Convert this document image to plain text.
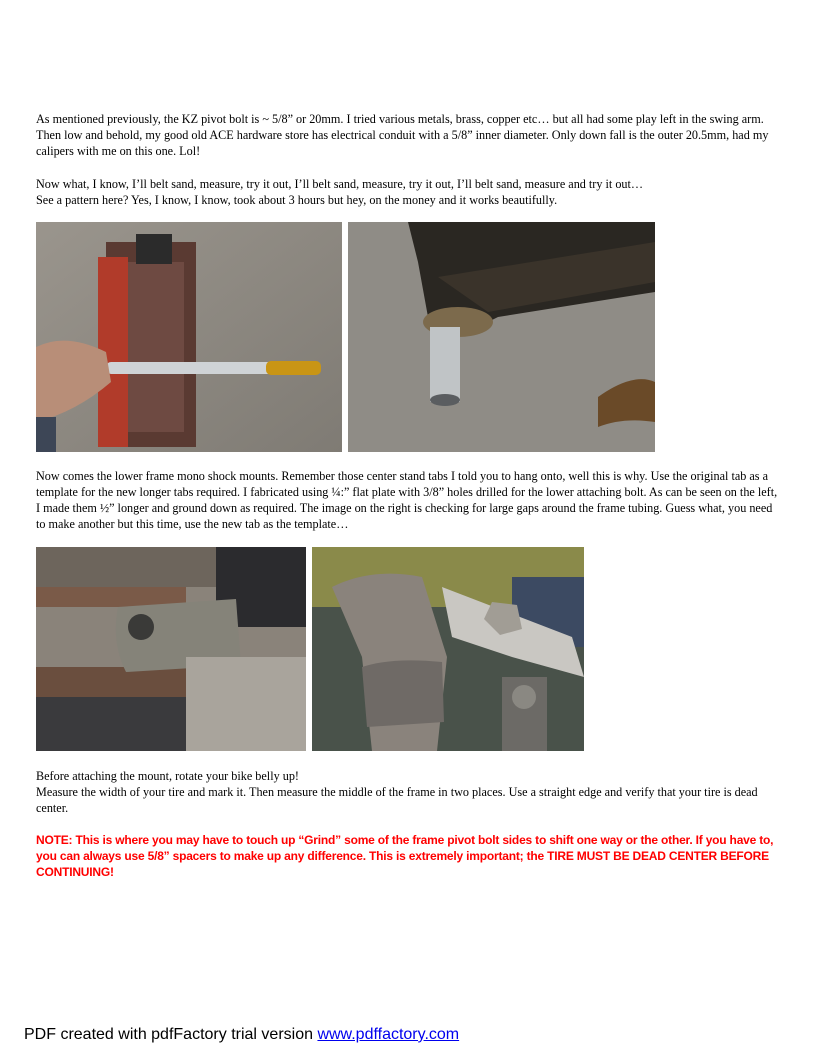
As mentioned previously, the KZ pivot bolt is ~ 5/8” or 20mm. I tried various metals, brass, copper etc… but all had some play left in the swing arm. Then low and behold, my good old ACE hardware store has electrical conduit with a 5/8” inner diameter. Only down fall is the outer 20.5mm, had my calipers with me on this one. Lol!

Now what, I know, I’ll belt sand, measure, try it out, I’ll belt sand, measure, try it out, I’ll belt sand, measure and try it out…
See a pattern here? Yes, I know, I know, took about 3 hours but hey, on the money and it works beautifully.

Now comes the lower frame mono shock mounts. Remember those center stand tabs I told you to hang onto, well this is why. Use the original tab as a template for the new longer tabs required. I fabricated using ¼:” flat plate with 3/8” holes drilled for the lower attaching bolt. As can be seen on the left, I made them ½” longer and ground down as required. The image on the right is checking for large gaps around the frame tubing. Guess what, you need to make another but this time, use the new tab as the template…

Before attaching the mount, rotate your bike belly up!
Measure the width of your tire and mark it. Then measure the middle of the frame in two places. Use a straight edge and verify that your tire is dead center.

NOTE: This is where you may have to touch up “Grind” some of the frame pivot bolt sides to shift one way or the other. If you have to, you can always use 5/8” spacers to make up any difference. This is extremely important; the TIRE MUST BE DEAD CENTER BEFORE CONTINUING!

PDF created with pdfFactory trial version www.pdffactory.com
